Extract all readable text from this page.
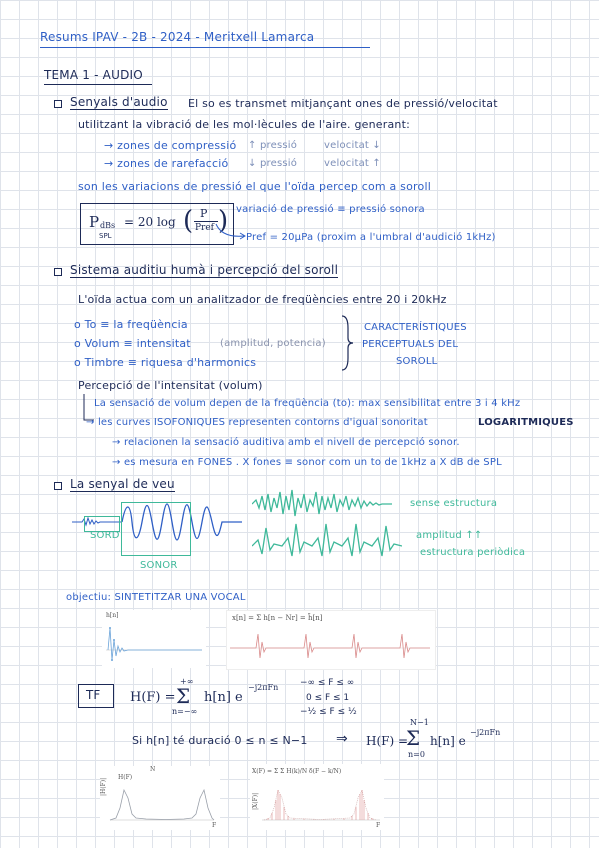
Resums IPAV - 2B - 2024 - Meritxell Lamarca
TEMA 1 - AUDIO
Senyals d'audio El so es transmet mitjançant ones de pressió/velocitat
utilitzant la vibració de les mol·lècules de l'aire. generant:
→ zones de compressió ↑ pressió	velocitat ↓
→ zones de rarefacció ↓ pressió	velocitat ↑
son les variacions de pressió el que l'oïda percep com a soroll
P dBs
SPL
= 20 log ( P
Pref ) variació de pressió ≡ pressió sonora
Pref = 20μPa (proxim a l'umbral d'audició 1kHz)
Sistema auditiu humà i percepció del soroll
L'oïda actua com un analitzador de freqüències entre 20 i 20kHz
o To ≡ la freqüència
o Volum ≡ intensitat	(amplitud, potencia)
o Timbre ≡ riquesa d'harmonics
CARACTERÍSTIQUES
PERCEPTUALS DEL
SOROLL
Percepció de l'intensitat (volum)
La sensació de volum depen de la freqüència (to): max sensibilitat entre 3 i 4 kHz
→ les curves ISOFONIQUES representen contorns d'igual sonoritat	LOGARITMIQUES
→ relacionen la sensació auditiva amb el nivell de percepció sonor.
→ es mesura en FONES . X fones ≡ sonor com un to de 1kHz a X dB de SPL
La senyal de veu
SORD
SONOR
sense estructura
amplitud ↑↑
estructura periòdica
objectiu: SINTETITZAR UNA VOCAL
h[n]	x[n] = Σ h[n − Nr] = h̃[n]
TF H(F) =
+∞
Σ
n=−∞
h[n] e
−j2πFn −∞ ≤ F ≤ ∞
0 ≤ F ≤ 1
−½ ≤ F ≤ ½
Si h[n] té duració 0 ≤ n ≤ N−1 ⇒ H(F) =
N−1
Σ
n=0
h[n] e
−j2πFn
H(F)
N
|H(F)|
F
X(F) = Σ Σ H(k)/N δ(F − k/N)
|X(F)|
F
